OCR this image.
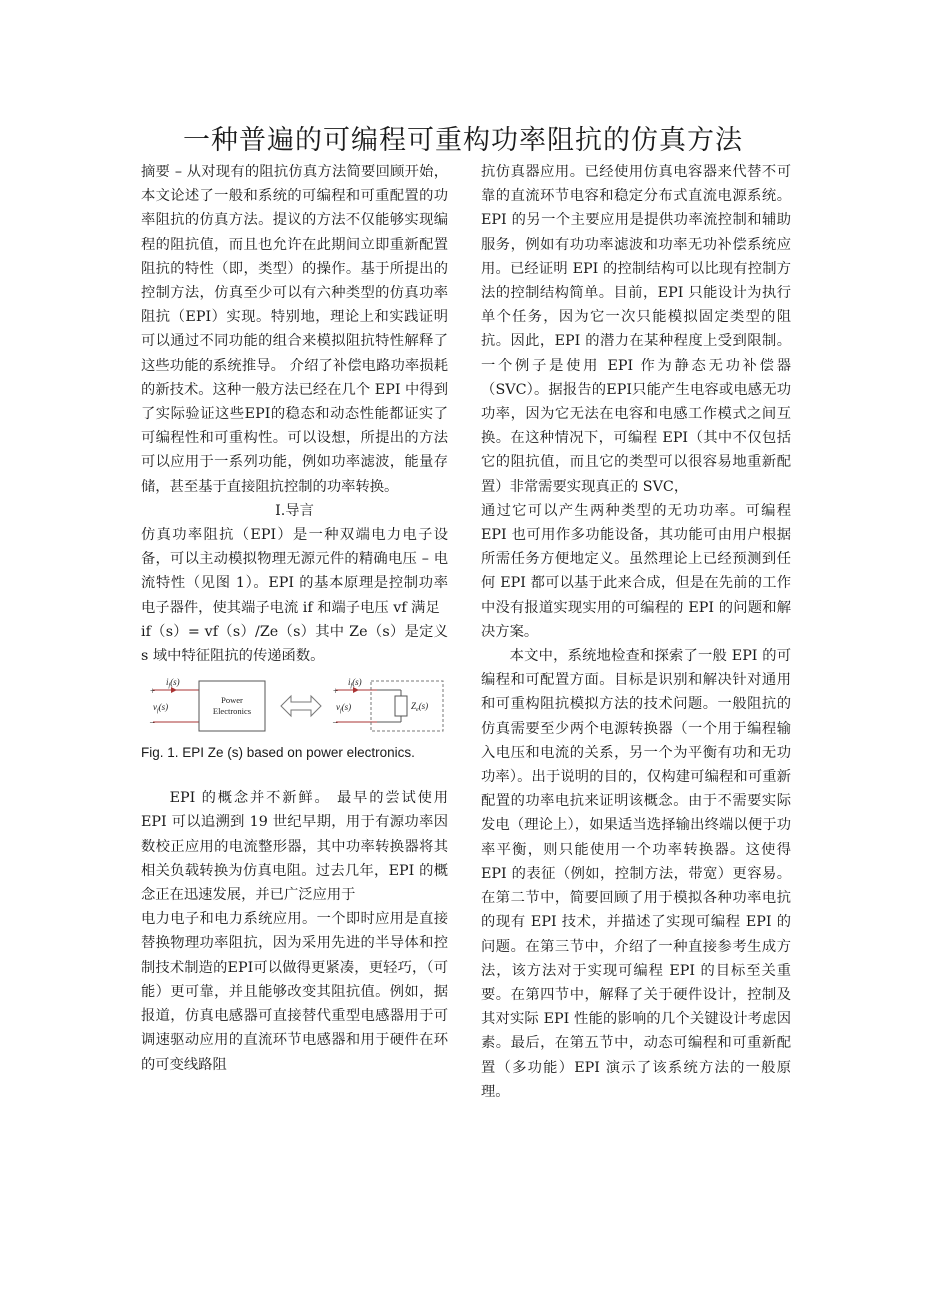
一种普遍的可编程可重构功率阻抗的仿真方法

摘要 – 从对现有的阻抗仿真方法简要回顾开始，本文论述了一般和系统的可编程和可重配置的功率阻抗的仿真方法。提议的方法不仅能够实现编程的阻抗值，而且也允许在此期间立即重新配置阻抗的特性（即，类型）的操作。基于所提出的控制方法，仿真至少可以有六种类型的仿真功率阻抗（EPI）实现。特别地，理论上和实践证明可以通过不同功能的组合来模拟阻抗特性解释了这些功能的系统推导。 介绍了补偿电路功率损耗的新技术。这种一般方法已经在几个 EPI 中得到了实际验证这些EPI的稳态和动态性能都证实了可编程性和可重构性。可以设想，所提出的方法可以应用于一系列功能，例如功率滤波，能量存储，甚至基于直接阻抗控制的功率转换。

I.导言

仿真功率阻抗（EPI）是一种双端电力电子设备，可以主动模拟物理无源元件的精确电压 – 电流特性（见图 1）。EPI 的基本原理是控制功率电子器件，使其端子电流 if 和端子电压 vf 满足

if（s）= vf（s）/Ze（s）其中 Ze（s）是定义 s 域中特征阻抗的传递函数。

$i_f(s)$
+
–
$v_f(s)$
Power
Electronics
$i_f(s)$
+
–
$v_f(s)$	$Z_e(s)$
Fig. 1. EPI Ze (s) based on power electronics.

EPI 的概念并不新鲜。 最早的尝试使用 EPI 可以追溯到 19 世纪早期，用于有源功率因数校正应用的电流整形器，其中功率转换器将其相关负载转换为仿真电阻。过去几年，EPI 的概念正在迅速发展，并已广泛应用于

电力电子和电力系统应用。一个即时应用是直接替换物理功率阻抗，因为采用先进的半导体和控制技术制造的EPI可以做得更紧凑，更轻巧，（可能）更可靠，并且能够改变其阻抗值。例如，据报道，仿真电感器可直接替代重型电感器用于可调速驱动应用的直流环节电感器和用于硬件在环的可变线路阻

抗仿真器应用。已经使用仿真电容器来代替不可靠的直流环节电容和稳定分布式直流电源系统。EPI 的另一个主要应用是提供功率流控制和辅助服务，例如有功功率滤波和功率无功补偿系统应用。已经证明 EPI 的控制结构可以比现有控制方法的控制结构简单。目前，EPI 只能设计为执行单个任务，因为它一次只能模拟固定类型的阻抗。因此，EPI 的潜力在某种程度上受到限制。一个例子是使用 EPI 作为静态无功补偿器（SVC）。据报告的EPI只能产生电容或电感无功功率，因为它无法在电容和电感工作模式之间互换。在这种情况下，可编程 EPI（其中不仅包括它的阻抗值，而且它的类型可以很容易地重新配置）非常需要实现真正的 SVC，

通过它可以产生两种类型的无功功率。可编程 EPI 也可用作多功能设备，其功能可由用户根据所需任务方便地定义。虽然理论上已经预测到任何 EPI 都可以基于此来合成，但是在先前的工作中没有报道实现实用的可编程的 EPI 的问题和解决方案。

本文中，系统地检查和探索了一般 EPI 的可编程和可配置方面。目标是识别和解决针对通用和可重构阻抗模拟方法的技术问题。一般阻抗的仿真需要至少两个电源转换器（一个用于编程输入电压和电流的关系，另一个为平衡有功和无功功率）。出于说明的目的，仅构建可编程和可重新配置的功率电抗来证明该概念。由于不需要实际发电（理论上），如果适当选择输出终端以便于功率平衡，则只能使用一个功率转换器。这使得 EPI 的表征（例如，控制方法，带宽）更容易。在第二节中，简要回顾了用于模拟各种功率电抗的现有 EPI 技术，并描述了实现可编程 EPI 的问题。在第三节中，介绍了一种直接参考生成方法，该方法对于实现可编程 EPI 的目标至关重要。在第四节中，解释了关于硬件设计，控制及其对实际 EPI 性能的影响的几个关键设计考虑因素。最后，在第五节中，动态可编程和可重新配置（多功能）EPI 演示了该系统方法的一般原理。
